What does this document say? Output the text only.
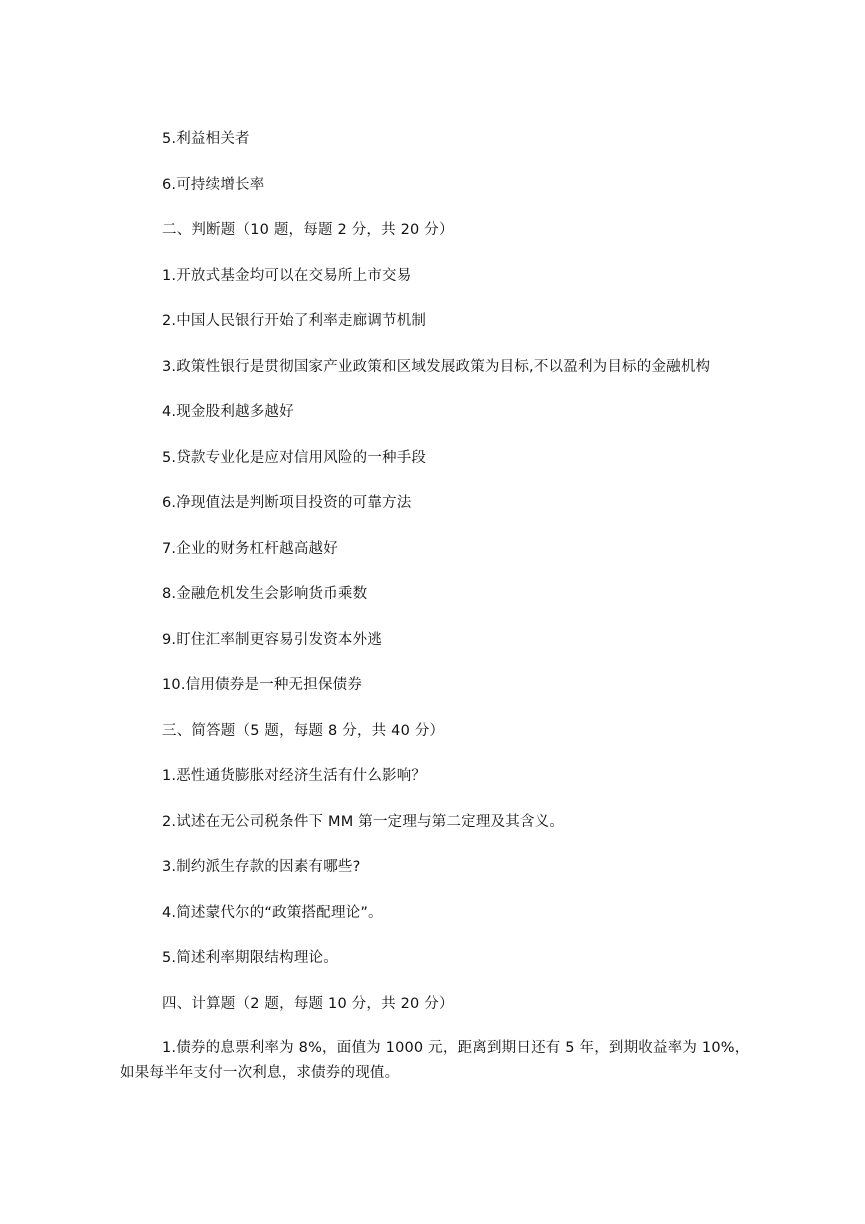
5.利益相关者
6.可持续增长率
二、判断题（10 题，每题 2 分，共 20 分）
1.开放式基金均可以在交易所上市交易
2.中国人民银行开始了利率走廊调节机制
3.政策性银行是贯彻国家产业政策和区域发展政策为目标,不以盈利为目标的金融机构
4.现金股利越多越好
5.贷款专业化是应对信用风险的一种手段
6.净现值法是判断项目投资的可靠方法
7.企业的财务杠杆越高越好
8.金融危机发生会影响货币乘数
9.盯住汇率制更容易引发资本外逃
10.信用债券是一种无担保债券
三、简答题（5 题，每题 8 分，共 40 分）
1.恶性通货膨胀对经济生活有什么影响？
2.试述在无公司税条件下 MM 第一定理与第二定理及其含义。
3.制约派生存款的因素有哪些?
4.简述蒙代尔的“政策搭配理论”。
5.简述利率期限结构理论。
四、计算题（2 题，每题 10 分，共 20 分）
1.债券的息票利率为 8%，面值为 1000 元，距离到期日还有 5 年，到期收益率为 10%，如果每半年支付一次利息，求债券的现值。
